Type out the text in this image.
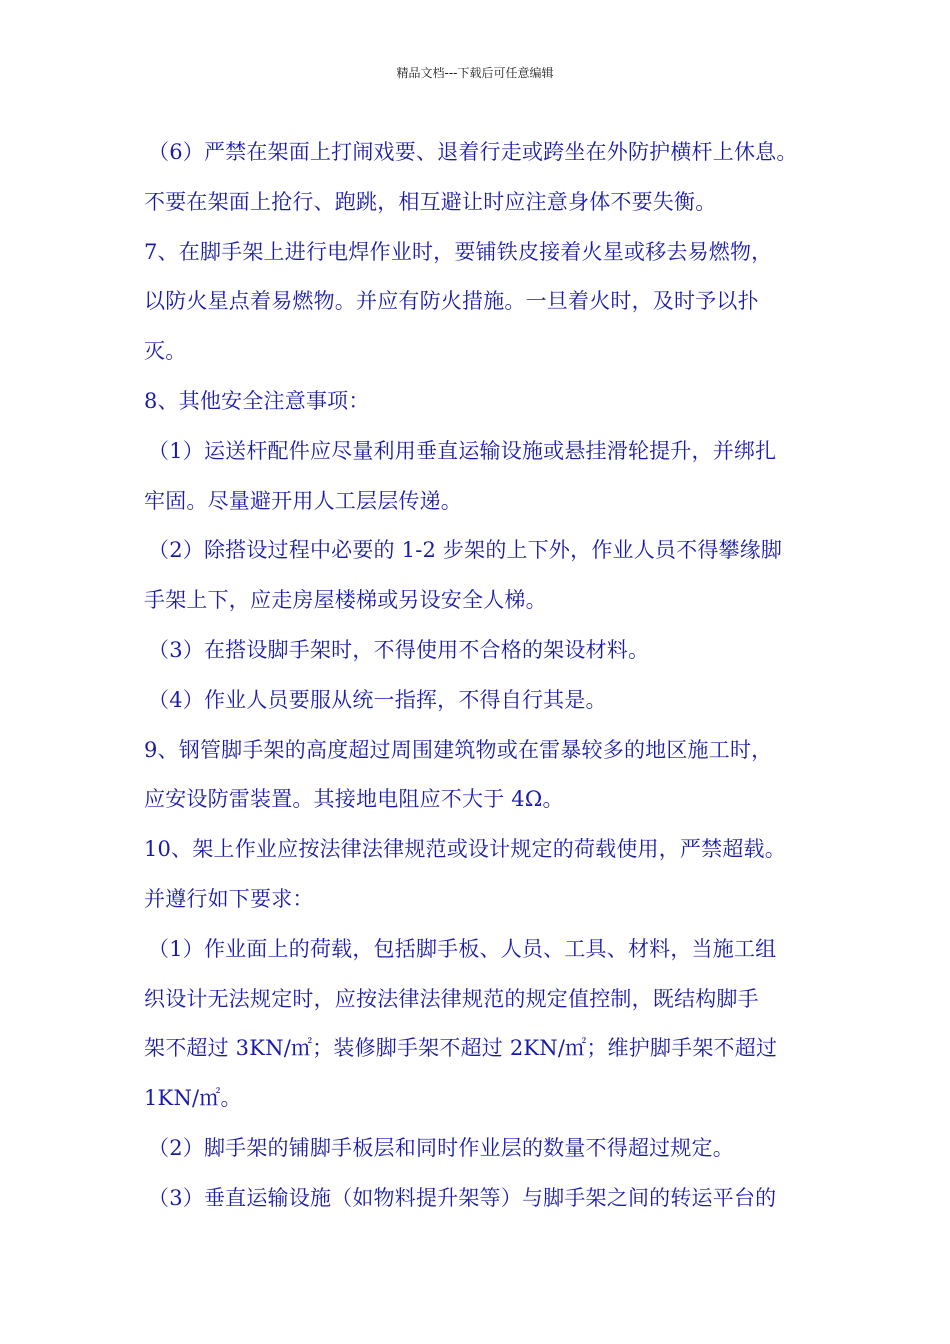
精品文档---下载后可任意编辑
（6）严禁在架面上打闹戏要、退着行走或跨坐在外防护横杆上休息。
不要在架面上抢行、跑跳，相互避让时应注意身体不要失衡。
7、在脚手架上进行电焊作业时，要铺铁皮接着火星或移去易燃物，
以防火星点着易燃物。并应有防火措施。一旦着火时，及时予以扑
灭。
8、其他安全注意事项：
（1）运送杆配件应尽量利用垂直运输设施或悬挂滑轮提升，并绑扎
牢固。尽量避开用人工层层传递。
（2）除搭设过程中必要的 1-2 步架的上下外，作业人员不得攀缘脚
手架上下，应走房屋楼梯或另设安全人梯。
（3）在搭设脚手架时，不得使用不合格的架设材料。
（4）作业人员要服从统一指挥，不得自行其是。
9、钢管脚手架的高度超过周围建筑物或在雷暴较多的地区施工时，
应安设防雷装置。其接地电阻应不大于 4Ω。
10、架上作业应按法律法律规范或设计规定的荷载使用，严禁超载。
并遵行如下要求：
（1）作业面上的荷载，包括脚手板、人员、工具、材料，当施工组
织设计无法规定时，应按法律法律规范的规定值控制，既结构脚手
架不超过 3KN/㎡；装修脚手架不超过 2KN/㎡；维护脚手架不超过
1KN/㎡。
（2）脚手架的铺脚手板层和同时作业层的数量不得超过规定。
（3）垂直运输设施（如物料提升架等）与脚手架之间的转运平台的
